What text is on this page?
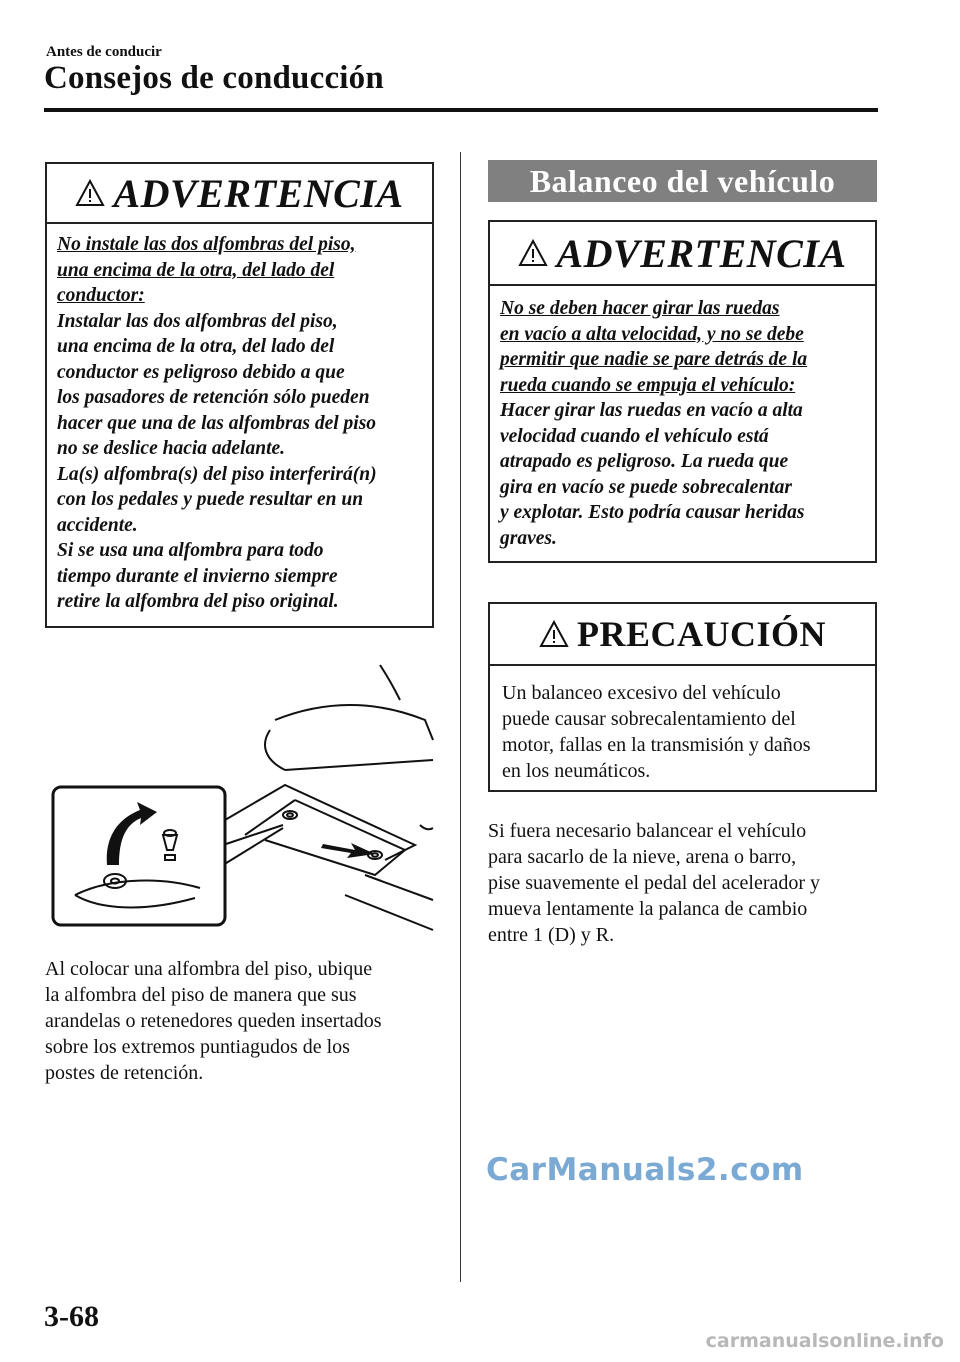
Antes de conducir
Consejos de conducción
ADVERTENCIA
No instale las dos alfombras del piso,
una encima de la otra, del lado del
conductor:

Instalar las dos alfombras del piso,

una encima de la otra, del lado del

conductor es peligroso debido a que

los pasadores de retención sólo pueden

hacer que una de las alfombras del piso

no se deslice hacia adelante.

La(s) alfombra(s) del piso interferirá(n)

con los pedales y puede resultar en un

accidente.

Si se usa una alfombra para todo

tiempo durante el invierno siempre

retire la alfombra del piso original.

Al colocar una alfombra del piso, ubique
la alfombra del piso de manera que sus
arandelas o retenedores queden insertados
sobre los extremos puntiagudos de los
postes de retención.
Balanceo del vehículo
ADVERTENCIA
No se deben hacer girar las ruedas
en vacío a alta velocidad, y no se debe
permitir que nadie se pare detrás de la
rueda cuando se empuja el vehículo:

Hacer girar las ruedas en vacío a alta

velocidad cuando el vehículo está

atrapado es peligroso. La rueda que

gira en vacío se puede sobrecalentar

y explotar. Esto podría causar heridas

graves.

PRECAUCIÓN

Un balanceo excesivo del vehículo

puede causar sobrecalentamiento del

motor, fallas en la transmisión y daños

en los neumáticos.

Si fuera necesario balancear el vehículo
para sacarlo de la nieve, arena o barro,
pise suavemente el pedal del acelerador y
mueva lentamente la palanca de cambio
entre 1 (D) y R.
CarManuals2.com
3-68
carmanualsonline.info
